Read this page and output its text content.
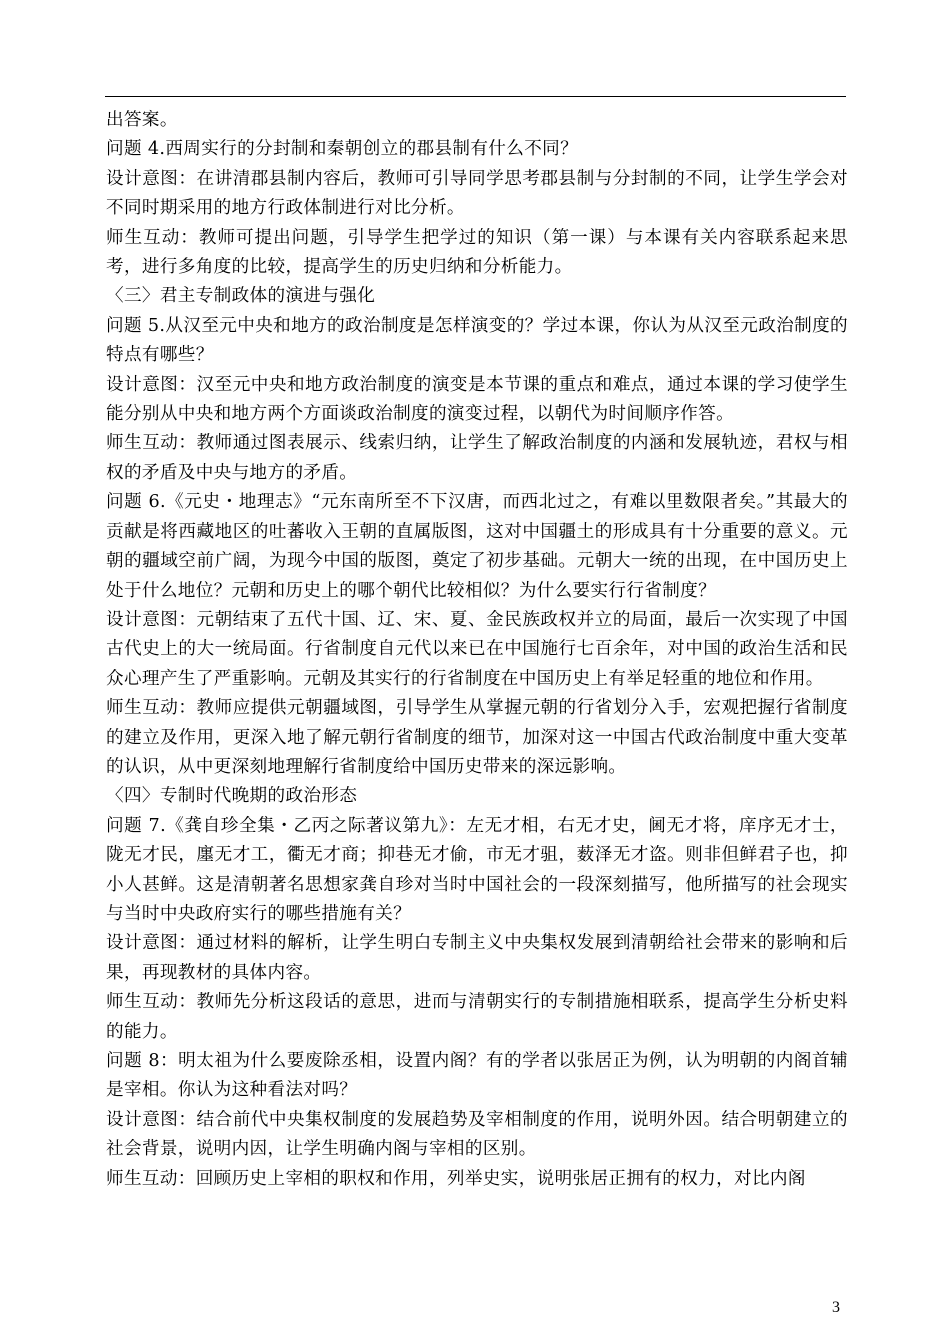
出答案。

问题 4.西周实行的分封制和秦朝创立的郡县制有什么不同？

设计意图：在讲清郡县制内容后，教师可引导同学思考郡县制与分封制的不同，让学生学会对不同时期采用的地方行政体制进行对比分析。

师生互动：教师可提出问题，引导学生把学过的知识（第一课）与本课有关内容联系起来思考，进行多角度的比较，提高学生的历史归纳和分析能力。

〈三〉君主专制政体的演进与强化

问题 5.从汉至元中央和地方的政治制度是怎样演变的？学过本课，你认为从汉至元政治制度的特点有哪些？

设计意图：汉至元中央和地方政治制度的演变是本节课的重点和难点，通过本课的学习使学生能分别从中央和地方两个方面谈政治制度的演变过程，以朝代为时间顺序作答。

师生互动：教师通过图表展示、线索归纳，让学生了解政治制度的内涵和发展轨迹，君权与相权的矛盾及中央与地方的矛盾。

问题 6.《元史・地理志》“元东南所至不下汉唐，而西北过之，有难以里数限者矣。”其最大的贡献是将西藏地区的吐蕃收入王朝的直属版图，这对中国疆土的形成具有十分重要的意义。元朝的疆域空前广阔，为现今中国的版图，奠定了初步基础。元朝大一统的出现，在中国历史上处于什么地位？元朝和历史上的哪个朝代比较相似？为什么要实行行省制度？

设计意图：元朝结束了五代十国、辽、宋、夏、金民族政权并立的局面，最后一次实现了中国古代史上的大一统局面。行省制度自元代以来已在中国施行七百余年，对中国的政治生活和民众心理产生了严重影响。元朝及其实行的行省制度在中国历史上有举足轻重的地位和作用。

师生互动：教师应提供元朝疆域图，引导学生从掌握元朝的行省划分入手，宏观把握行省制度的建立及作用，更深入地了解元朝行省制度的细节，加深对这一中国古代政治制度中重大变革的认识，从中更深刻地理解行省制度给中国历史带来的深远影响。

〈四〉专制时代晚期的政治形态

问题 7.《龚自珍全集・乙丙之际著议第九》：左无才相，右无才史，阃无才将，庠序无才士，陇无才民，廛无才工，衢无才商；抑巷无才偷，市无才驵，薮泽无才盗。则非但鲜君子也，抑小人甚鲜。这是清朝著名思想家龚自珍对当时中国社会的一段深刻描写，他所描写的社会现实与当时中央政府实行的哪些措施有关？

设计意图：通过材料的解析，让学生明白专制主义中央集权发展到清朝给社会带来的影响和后果，再现教材的具体内容。

师生互动：教师先分析这段话的意思，进而与清朝实行的专制措施相联系，提高学生分析史料的能力。

问题 8：明太祖为什么要废除丞相，设置内阁？有的学者以张居正为例，认为明朝的内阁首辅是宰相。你认为这种看法对吗？

设计意图：结合前代中央集权制度的发展趋势及宰相制度的作用，说明外因。结合明朝建立的社会背景，说明内因，让学生明确内阁与宰相的区别。

师生互动：回顾历史上宰相的职权和作用，列举史实，说明张居正拥有的权力，对比内阁

3
